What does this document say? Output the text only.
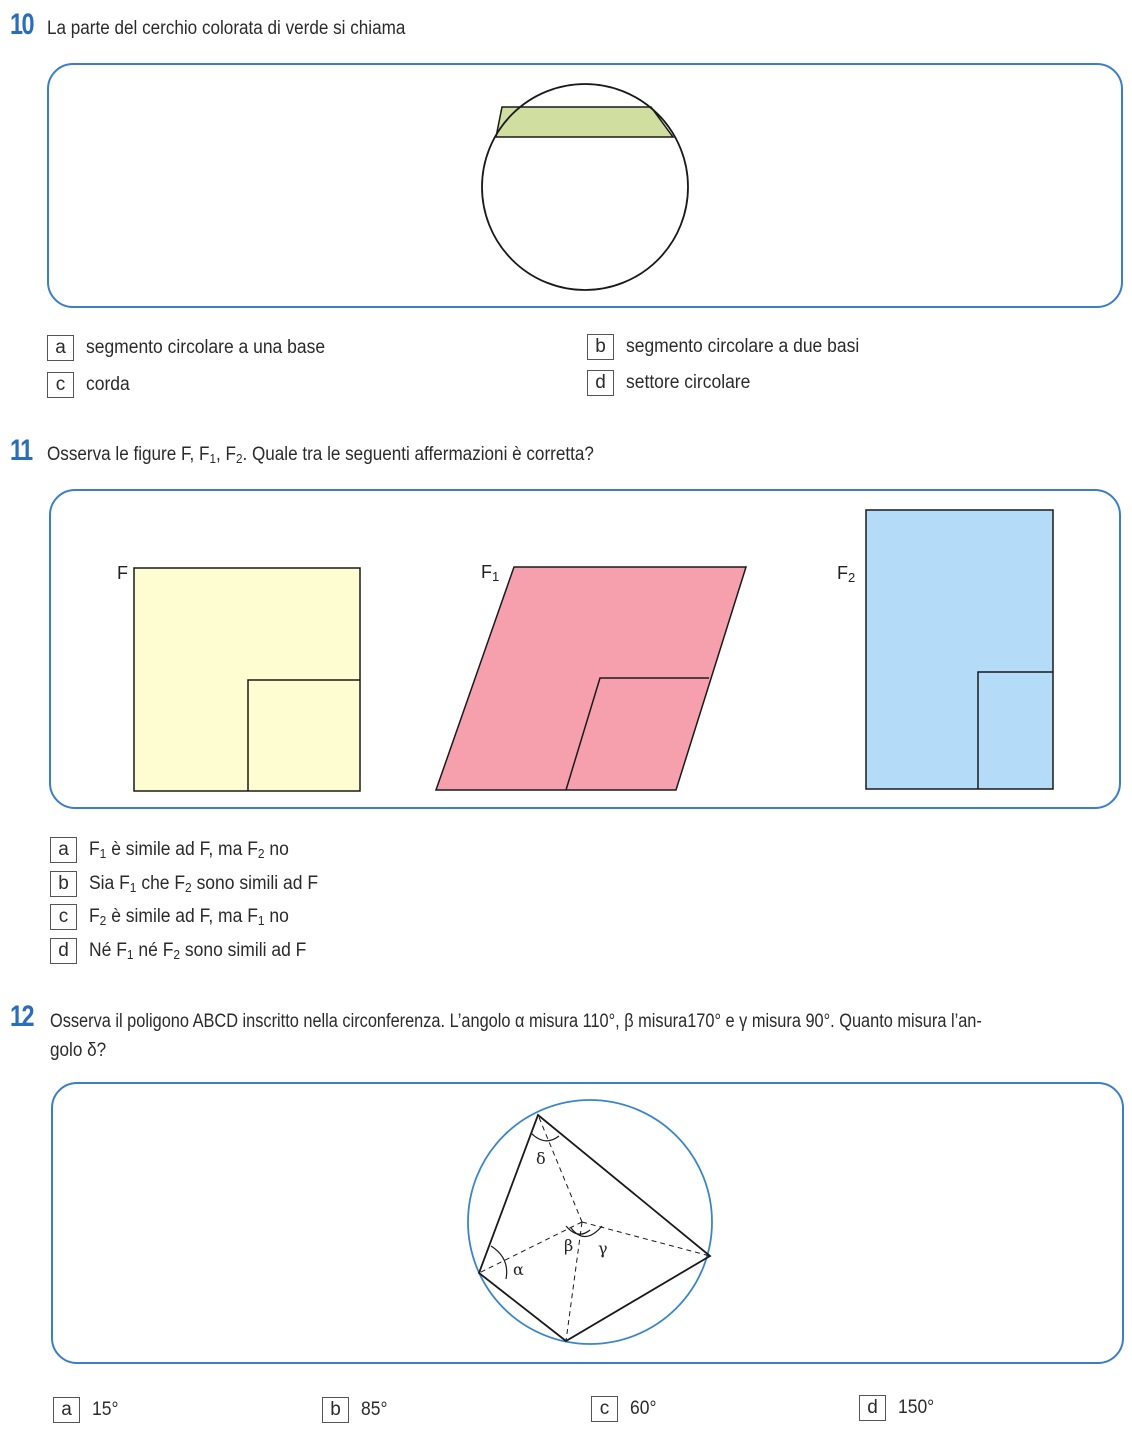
10 La parte del cerchio colorata di verde si chiama
a	segmento circolare a una base	b	segmento circolare a due basi
c	corda	d	settore circolare
11 Osserva le figure F, $F_1$, $F_2$. Quale tra le seguenti affermazioni è corretta?
F	$F_1$	$F_2$
a	$F_1$ è simile ad F, ma $F_2$ no
b	Sia $F_1$ che $F_2$ sono simili ad F
c	$F_2$ è simile ad F, ma $F_1$ no
d	Né $F_1$ né $F_2$ sono simili ad F
12 Osserva il poligono ABCD inscritto nella circonferenza. L’angolo α misura 110°, β misura170° e γ misura 90°. Quanto misura l’an-
golo δ?
δ
α
β γ
a	15°	b	85°	c	60°	d	150°
